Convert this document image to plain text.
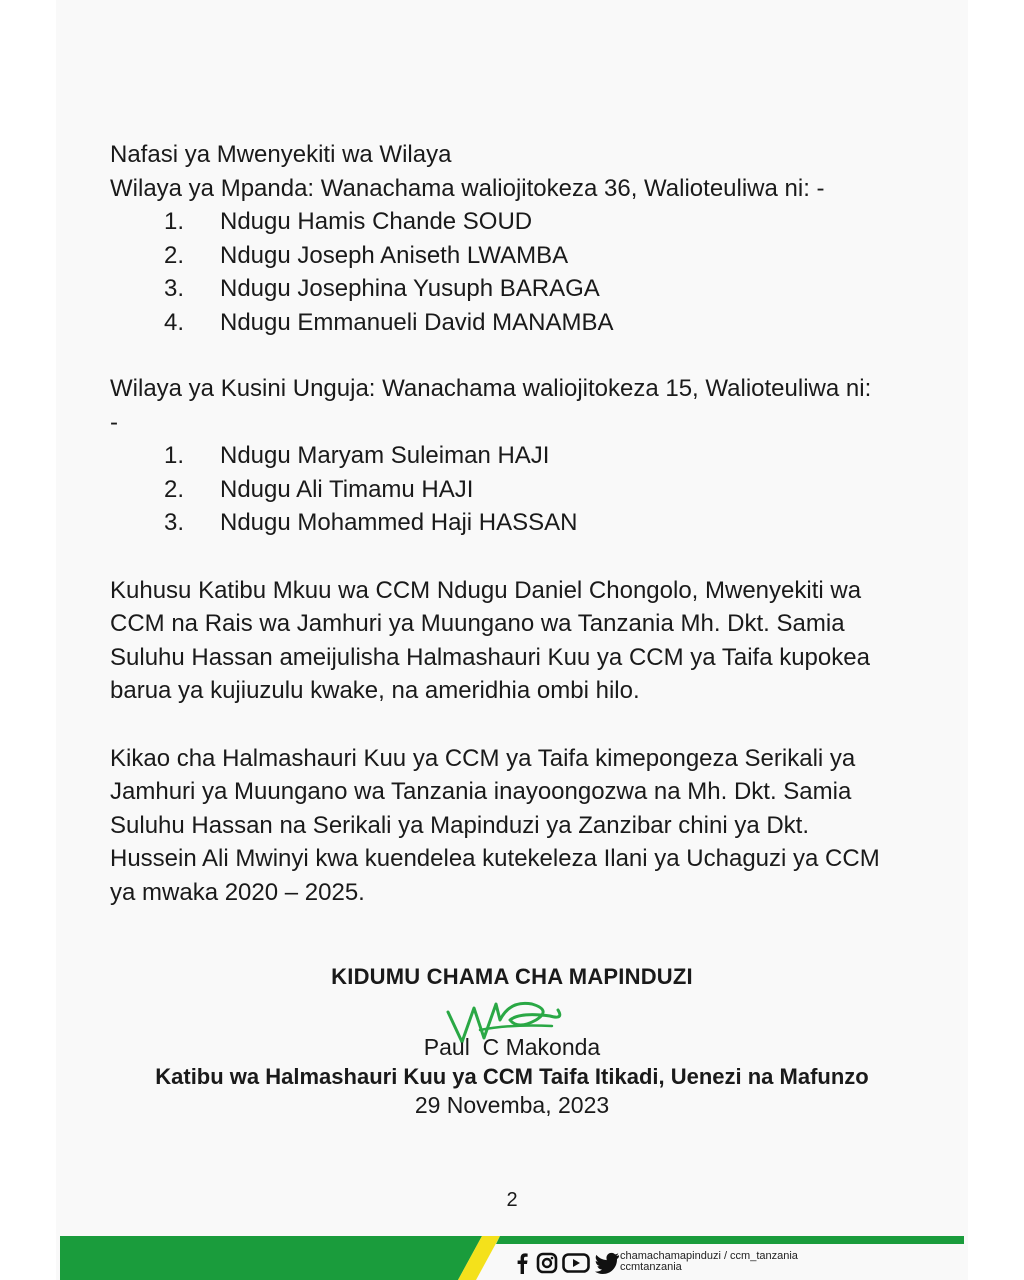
Nafasi ya Mwenyekiti wa Wilaya
Wilaya ya Mpanda: Wanachama waliojitokeza 36, Walioteuliwa ni: -
1.	Ndugu Hamis Chande SOUD
2.	Ndugu Joseph Aniseth LWAMBA
3.	Ndugu Josephina Yusuph BARAGA
4.	Ndugu Emmanueli David MANAMBA
Wilaya ya Kusini Unguja: Wanachama waliojitokeza 15, Walioteuliwa ni:
-
1.	Ndugu Maryam Suleiman HAJI
2.	Ndugu Ali Timamu HAJI
3.	Ndugu Mohammed Haji HASSAN
Kuhusu Katibu Mkuu wa CCM Ndugu Daniel Chongolo, Mwenyekiti wa
CCM na Rais wa Jamhuri ya Muungano wa Tanzania Mh. Dkt. Samia
Suluhu Hassan ameijulisha Halmashauri Kuu ya CCM ya Taifa kupokea
barua ya kujiuzulu kwake, na ameridhia ombi hilo.
Kikao cha Halmashauri Kuu ya CCM ya Taifa kimepongeza Serikali ya
Jamhuri ya Muungano wa Tanzania inayoongozwa na Mh. Dkt. Samia
Suluhu Hassan na Serikali ya Mapinduzi ya Zanzibar chini ya Dkt.
Hussein Ali Mwinyi kwa kuendelea kutekeleza Ilani ya Uchaguzi ya CCM
ya mwaka 2020 – 2025.
KIDUMU CHAMA CHA MAPINDUZI
Paul  C Makonda
Katibu wa Halmashauri Kuu ya CCM Taifa Itikadi, Uenezi na Mafunzo
29 Novemba, 2023
2
chamachamapinduzi / ccm_tanzania
ccmtanzania
